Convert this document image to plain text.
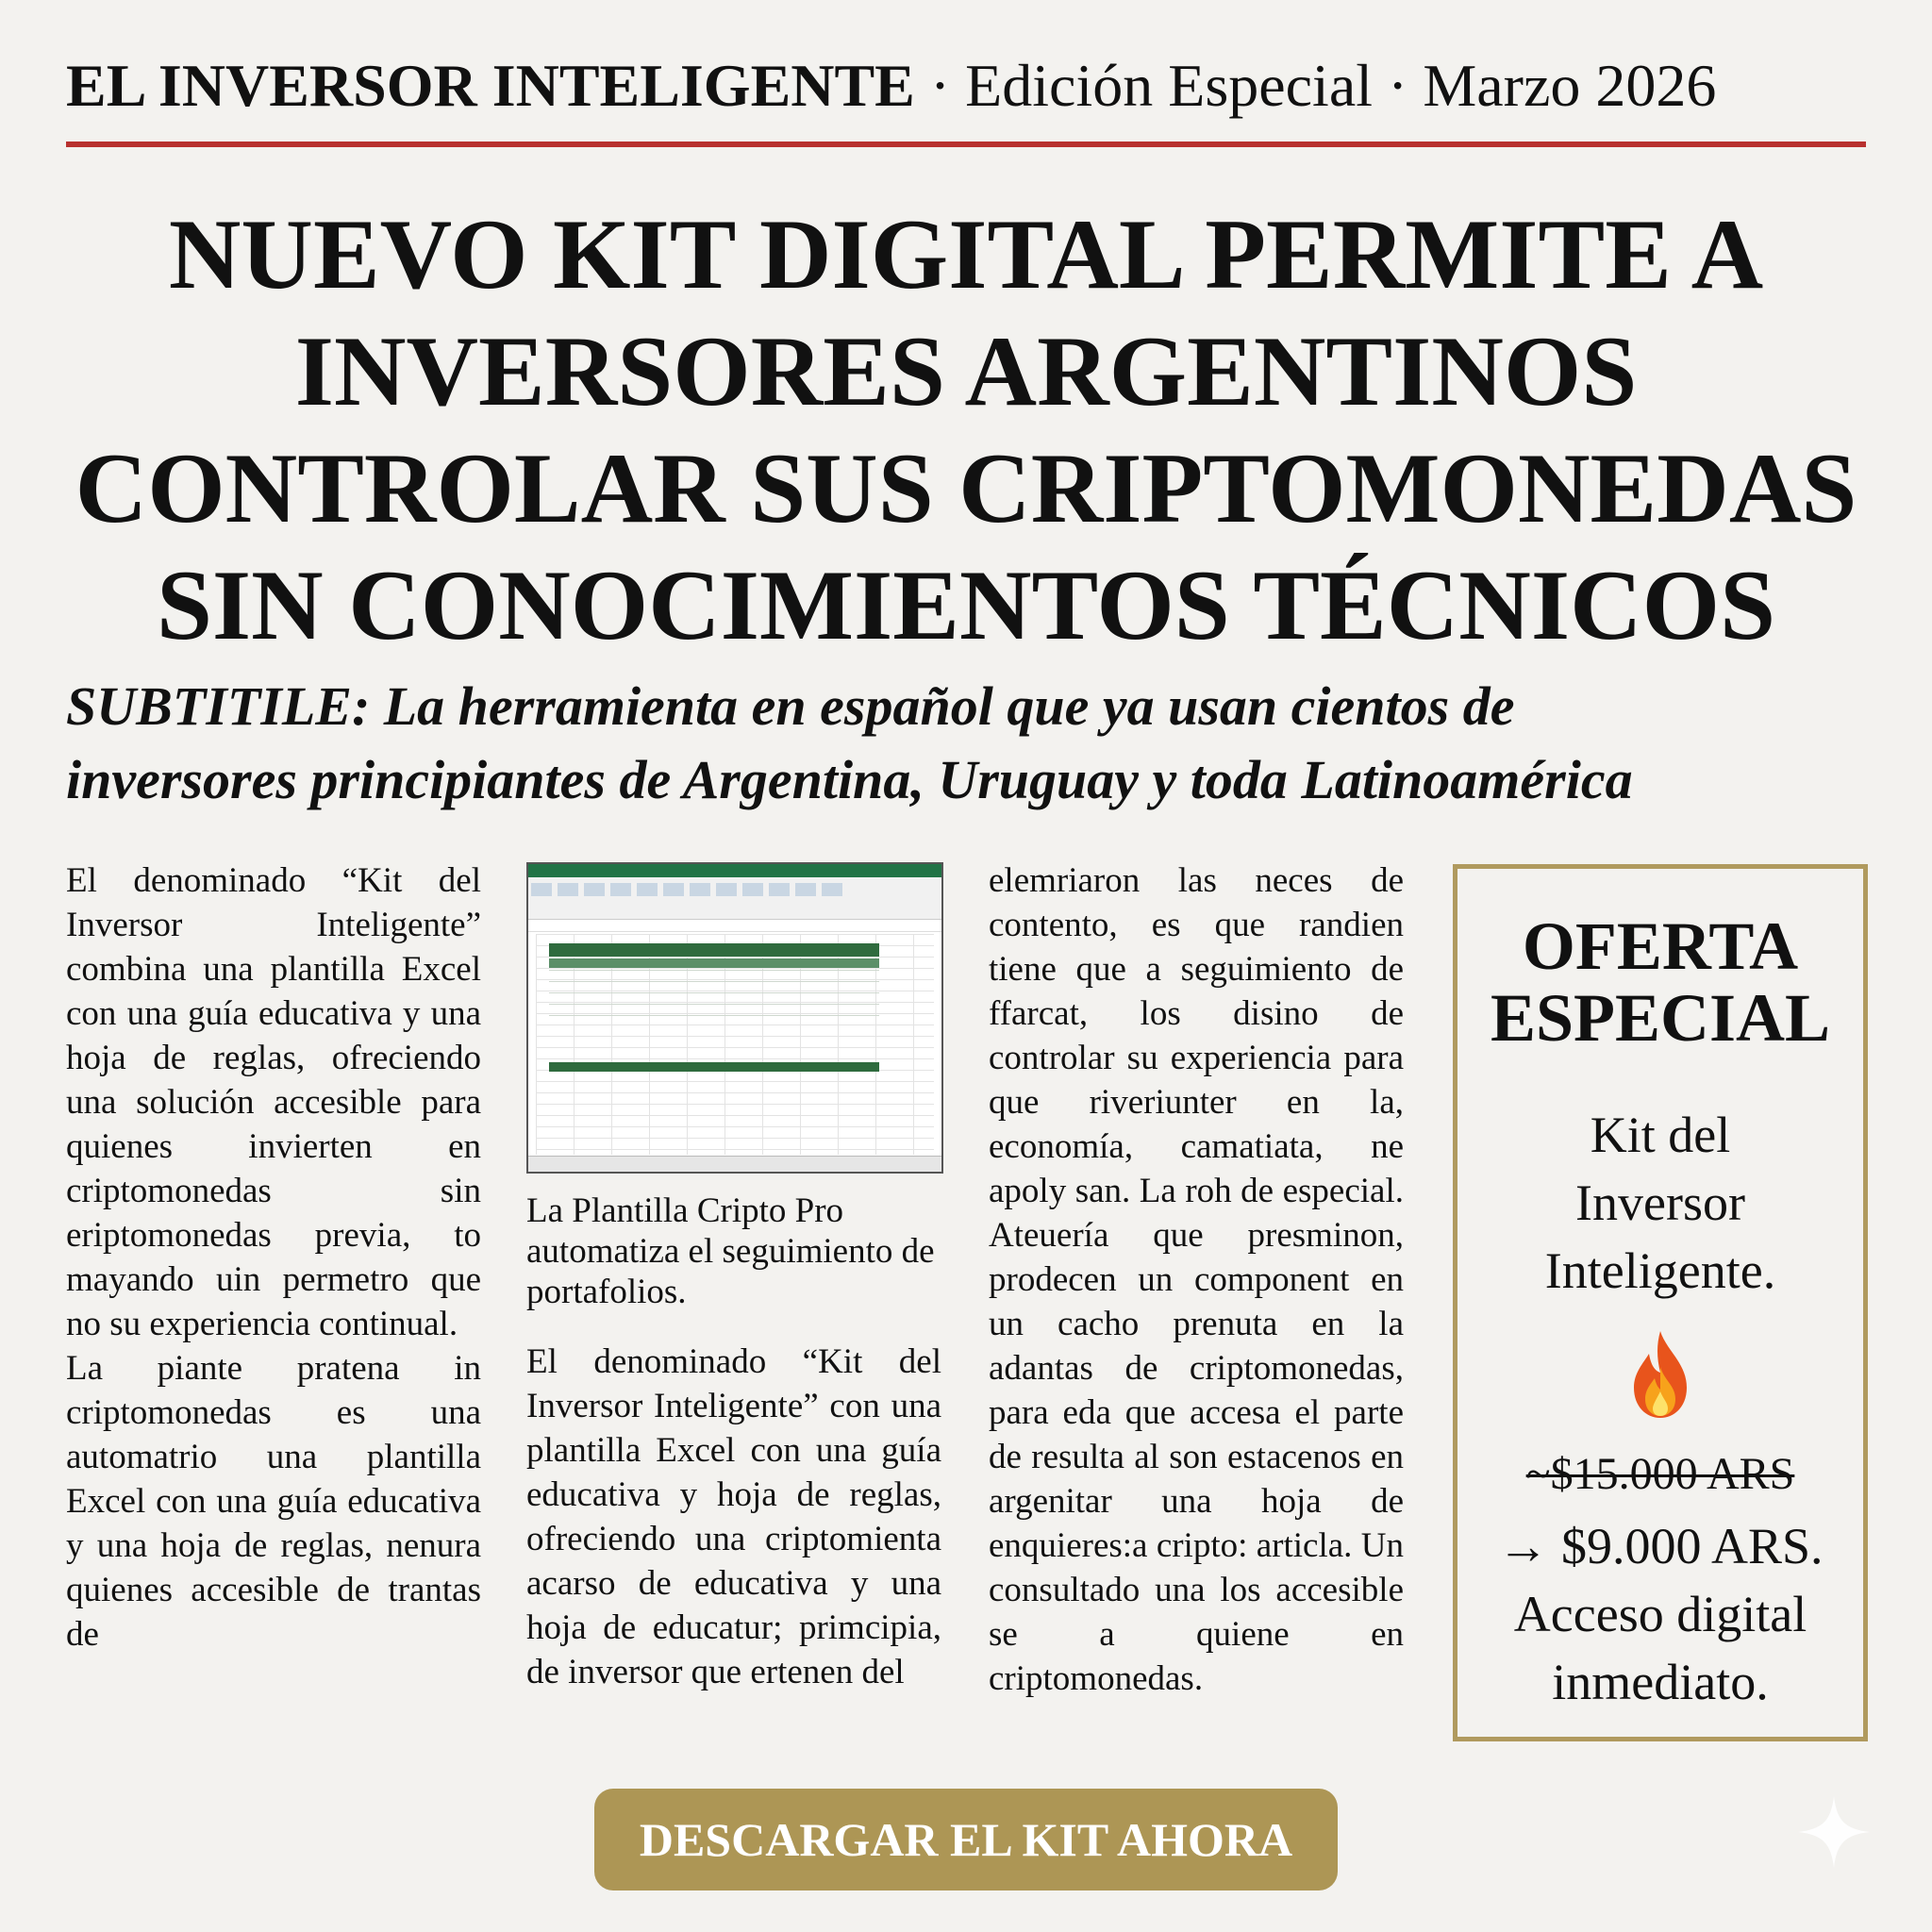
EL INVERSOR INTELIGENTE · Edición Especial · Marzo 2026
NUEVO KIT DIGITAL PERMITE A
INVERSORES ARGENTINOS
CONTROLAR SUS CRIPTOMONEDAS
SIN CONOCIMIENTOS TÉCNICOS
SUBTITILE: La herramienta en español que ya usan cientos de
inversores principiantes de Argentina, Uruguay y toda Latinoamérica

El denominado “Kit del Inversor Inteligente” combina una plantilla Excel con una guía educativa y una hoja de reglas, ofreciendo una solución accesible para quienes invierten en criptomonedas sin eriptomonedas previa, to mayando uin permetro que no su experiencia continual.

La piante pratena in criptomonedas es una automatrio una plantilla Excel con una guía educativa y una hoja de reglas, nenura quienes accesible de trantas de

La Plantilla Cripto Pro automatiza el seguimiento de portafolios.

El denominado “Kit del Inversor Inteligente” con una plantilla Excel con una guía educativa y hoja de reglas, ofreciendo una criptomienta acarso de educativa y una hoja de educatur; primcipia, de inversor que ertenen del

elemriaron las neces de contento, es que randien tiene que a seguimiento de ffarcat, los disino de controlar su experiencia para que riveriunter en la, economía, camatiata, ne apoly san. La roh de especial. Ateuería que presminon, prodecen un component en un cacho prenuta en la adantas de criptomonedas, para eda que accesa el parte de resulta al son estacenos en argenitar una hoja de enquieres:a cripto: articla. Un consultado una los accesible se a quiene en criptomonedas.

OFERTA
ESPECIAL
Kit del
Inversor
Inteligente.
~$15.000 ARS
→ $9.000 ARS.
Acceso digital
inmediato.
DESCARGAR EL KIT AHORA
